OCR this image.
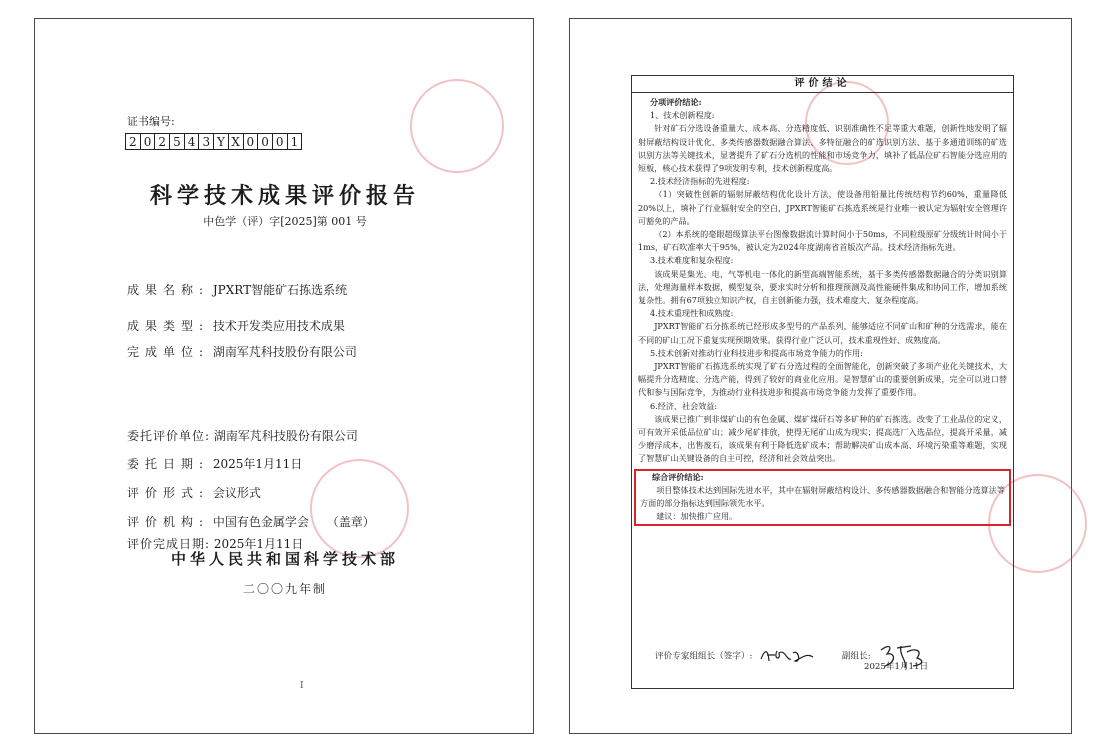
证书编号:
2 0 2 5 4 3 Y X 0 0 0 1
科学技术成果评价报告
中色学（评）字[2025]第 001 号
成果名称: JPXRT智能矿石拣选系统
成果类型: 技术开发类应用技术成果
完成单位: 湖南军芃科技股份有限公司
委托评价单位: 湖南军芃科技股份有限公司
委托日期: 2025年1月11日
评价形式: 会议形式
评价机构: 中国有色金属学会 （盖章）
评价完成日期: 2025年1月11日
中华人民共和国科学技术部
二〇〇九年制
I
评价结论

分项评价结论:

1、技术创新程度:

针对矿石分选设备重量大、成本高、分选精度低、识别准确性不足等重大难题，创新性地发明了辐射屏蔽结构设计优化、多类传感器数据融合算法、多特征融合的矿选识别方法、基于多通道训练的矿选识别方法等关键技术，显著提升了矿石分选机的性能和市场竞争力，填补了低品位矿石智能分选应用的短板，核心技术获得了9项发明专利，技术创新程度高。

2.技术经济指标的先进程度:

（1）突破性创新的辐射屏蔽结构优化设计方法，使设备用铅量比传统结构节约60%，重量降低20%以上，填补了行业辐射安全的空白，JPXRT智能矿石拣选系统是行业唯一被认定为辐射安全管理许可豁免的产品。

（2）本系统的毫眼超级算法平台图像数据流计算时间小于50ms，不同粒级原矿分级统计时间小于1ms，矿石吹准率大于95%，被认定为2024年度湖南省首版次产品。技术经济指标先进。

3.技术难度和复杂程度:

该成果是集光、电、气等机电一体化的新型高端智能系统，基于多类传感器数据融合的分类识别算法，处理海量样本数据，模型复杂，要求实时分析和推理预测及高性能硬件集成和协同工作，增加系统复杂性。拥有67项独立知识产权，自主创新能力强，技术难度大、复杂程度高。

4.技术重现性和成熟度:

JPXRT智能矿石分拣系统已经形成多型号的产品系列，能够适应不同矿山和矿种的分选需求，能在不同的矿山工况下重复实现预期效果。获得行业广泛认可，技术重现性好、成熟度高。

5.技术创新对推动行业科技进步和提高市场竞争能力的作用:

JPXRT智能矿石拣选系统实现了矿石分选过程的全面智能化，创新突破了多项产业化关键技术，大幅提升分选精度、分选产能，得到了较好的商业化应用。是智慧矿山的重要创新成果，完全可以进口替代和参与国际竞争，为推动行业科技进步和提高市场竞争能力发挥了重要作用。

6.经济、社会效益:

该成果已推广到非煤矿山的有色金属、煤矿煤矸石等多矿种的矿石拣选。改变了工业品位的定义，可有效开采低品位矿山；减少尾矿排放，使得无尾矿山成为现实；提高选厂入选品位，提高开采量，减少磨浮成本，出售废石，该成果有利于降低选矿成本；帮助解决矿山成本高、环境污染重等难题，实现了智慧矿山关键设备的自主可控，经济和社会效益突出。

综合评价结论:

项目整体技术达到国际先进水平，其中在辐射屏蔽结构设计、多传感器数据融合和智能分选算法等方面的部分指标达到国际领先水平。

建议：加快推广应用。

评价专家组组长（签字）:	副组长:
2025年1月11日
